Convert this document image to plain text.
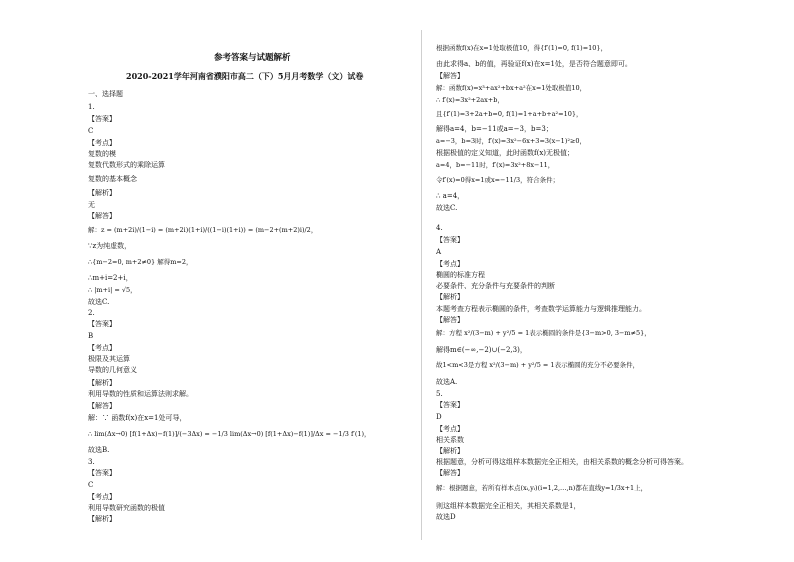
参考答案与试题解析
2020-2021学年河南省濮阳市高二（下）5月月考数学（文）试卷
一、选择题
1.
【答案】
C
【考点】
复数的模
复数代数形式的乘除运算
复数的基本概念
【解析】
无
【解答】
解：z = (m+2i)/(1−i) = (m+2i)(1+i)/((1−i)(1+i)) = (m−2+(m+2)i)/2，
∵z为纯虚数，
∴{m−2=0, m+2≠0} 解得m=2，
∴m+i=2+i，
∴ |m+i| = √5，
故选C.
2.
【答案】
B
【考点】
极限及其运算
导数的几何意义
【解析】
利用导数的性质和运算法则求解。
【解答】
解：∵ 函数f(x)在x=1处可导，
∴ lim(Δx→0) [f(1+Δx)−f(1)]/(−3Δx) = −1/3 lim(Δx→0) [f(1+Δx)−f(1)]/Δx = −1/3 f′(1)，
故选B.
3.
【答案】
C
【考点】
利用导数研究函数的极值
【解析】
根据函数f(x)在x=1处取极值10，得{f′(1)=0, f(1)=10}，
由此求得a、b的值，再验证f(x)在x=1处，是否符合题意即可。
【解答】
解：函数f(x)=x³+ax²+bx+a²在x=1处取极值10，
∴ f′(x)=3x²+2ax+b，
且{f′(1)=3+2a+b=0, f(1)=1+a+b+a²=10}，
解得a=4，b=−11或a=−3，b=3；
a=−3，b=3时，f′(x)=3x²−6x+3=3(x−1)²≥0，
根据极值的定义知道，此时函数f(x)无极值；
a=4，b=−11时，f′(x)=3x²+8x−11，
令f′(x)=0得x=1或x=−11/3，符合条件；
∴ a=4，
故选C.
4.
【答案】
A
【考点】
椭圆的标准方程
必要条件、充分条件与充要条件的判断
【解析】
本题考查方程表示椭圆的条件，考查数学运算能力与逻辑推理能力。
【解答】
解：方程 x²/(3−m) + y²/5 = 1表示椭圆的条件是{3−m>0, 3−m≠5}，
解得m∈(−∞,−2)∪(−2,3)，
故1<m<3是方程 x²/(3−m) + y²/5 = 1表示椭圆的充分不必要条件，
故选A.
5.
【答案】
D
【考点】
相关系数
【解析】
根据题意，分析可得这组样本数据完全正相关，由相关系数的概念分析可得答案。
【解答】
解：根据题意，若所有样本点(xᵢ,yᵢ)(i=1,2,…,n)都在直线y=1/3x+1上，
则这组样本数据完全正相关，其相关系数是1，
故选D
